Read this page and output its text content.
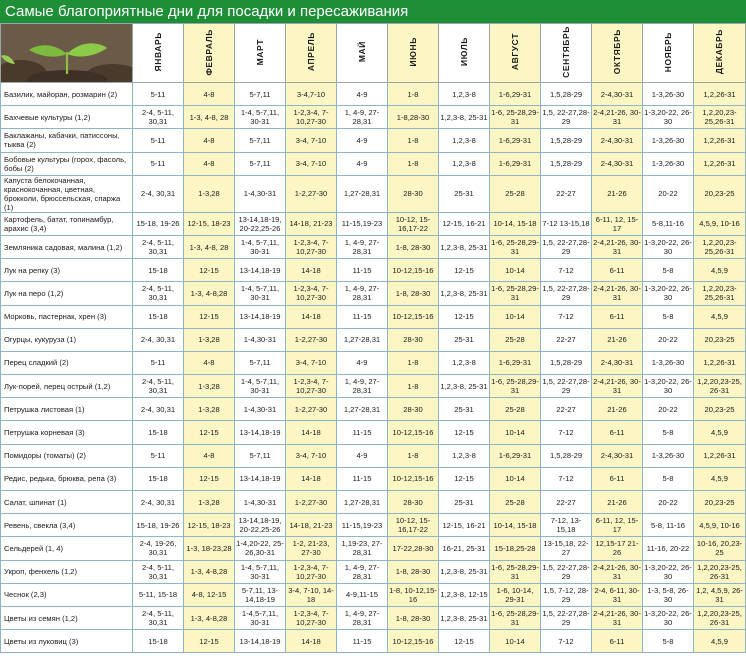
Самые благоприятные дни для посадки и пересаживания
	ЯНВАРЬ	ФЕВРАЛЬ	МАРТ	АПРЕЛЬ	МАЙ	ИЮНЬ	ИЮЛЬ	АВГУСТ	СЕНТЯБРЬ	ОКТЯБРЬ	НОЯБРЬ	ДЕКАБРЬ
Базилик, майоран, розмарин (2)	5-11	4-8	5-7,11	3-4,7-10	4-9	1-8	1,2,3-8	1-6,29-31	1,5,28-29	2-4,30-31	1-3,26-30	1,2,26-31
Бахчевые культуры (1,2)	2-4, 5-11, 30,31	1-3, 4-8, 28	1-4, 5-7,11, 30-31	1-2,3-4, 7-10,27-30	1, 4-9, 27-28,31	1-8,28-30	1,2,3-8, 25-31	1-6, 25-28,29-31	1,5, 22-27,28-29	2-4,21-26, 30-31	1-3,20-22, 26-30	1,2,20,23-25,26-31
Баклажаны, кабачки, патиссоны, тыква (2)	5-11	4-8	5-7,11	3-4, 7-10	4-9	1-8	1,2,3-8	1-6,29-31	1,5,28-29	2-4,30-31	1-3,26-30	1,2,26-31
Бобовые культуры (горох, фасоль, бобы (2)	5-11	4-8	5-7,11	3-4, 7-10	4-9	1-8	1,2,3-8	1-6,29-31	1,5,28-29	2-4,30-31	1-3,26-30	1,2,26-31
Капуста белокочанная, краснокочанная, цветная, брокколи, брюссельская, спаржа (1)	2-4, 30,31	1-3,28	1-4,30-31	1-2,27-30	1,27-28,31	28-30	25-31	25-28	22-27	21-26	20-22	20,23-25
Картофель, батат, топинамбур, арахис (3,4)	15-18, 19-26	12-15, 18-23	13-14,18-19, 20-22,25-26	14-18, 21-23	11-15,19-23	10-12, 15-16,17-22	12-15, 16-21	10-14, 15-18	7-12 13-15,18	6-11, 12, 15-17	5-8,11-16	4,5,9, 10-16
Земляника садовая, малина (1,2)	2-4, 5-11, 30,31	1-3, 4-8, 28	1-4, 5-7,11, 30-31	1-2,3-4, 7-10,27-30	1, 4-9, 27-28,31	1-8, 28-30	1,2,3-8, 25-31	1-6, 25-28,29-31	1,5, 22-27,28-29	2-4,21-26, 30-31	1-3,20-22, 26-30	1,2,20,23-25,26-31
Лук на репку (3)	15-18	12-15	13-14,18-19	14-18	11-15	10-12,15-16	12-15	10-14	7-12	6-11	5-8	4,5,9
Лук на перо (1,2)	2-4, 5-11, 30,31	1-3, 4-8,28	1-4, 5-7,11, 30-31	1-2,3-4, 7-10,27-30	1, 4-9, 27-28,31	1-8, 28-30	1,2,3-8, 25-31	1-6, 25-28,29-31	1,5, 22-27,28-29	2-4,21-26, 30-31	1-3,20-22, 26-30	1,2,20,23-25,26-31
Морковь, пастернак, хрен (3)	15-18	12-15	13-14,18-19	14-18	11-15	10-12,15-16	12-15	10-14	7-12	6-11	5-8	4,5,9
Огурцы, кукуруза (1)	2-4, 30,31	1-3,28	1-4,30-31	1-2,27-30	1,27-28,31	28-30	25-31	25-28	22-27	21-26	20-22	20,23-25
Перец сладкий (2)	5-11	4-8	5-7,11	3-4, 7-10	4-9	1-8	1,2,3-8	1-6,29-31	1,5,28-29	2-4,30-31	1-3,26-30	1,2,26-31
Лук-порей, перец острый (1,2)	2-4, 5-11, 30,31	1-3,28	1-4, 5-7,11, 30-31	1-2,3-4, 7-10,27-30	1, 4-9, 27-28,31	1-8	1,2,3-8, 25-31	1-6, 25-28,29-31	1,5, 22-27,28-29	2-4,21-26, 30-31	1-3,20-22, 26-30	1,2,20,23-25, 26-31
Петрушка листовая (1)	2-4, 30,31	1-3,28	1-4,30-31	1-2,27-30	1,27-28,31	28-30	25-31	25-28	22-27	21-26	20-22	20,23-25
Петрушка корневая (3)	15-18	12-15	13-14,18-19	14-18	11-15	10-12,15-16	12-15	10-14	7-12	6-11	5-8	4,5,9
Помидоры (томаты) (2)	5-11	4-8	5-7,11	3-4, 7-10	4-9	1-8	1,2,3-8	1-6,29-31	1,5,28-29	2-4,30-31	1-3,26-30	1,2,26-31
Редис, редька, брюква, репа (3)	15-18	12-15	13-14,18-19	14-18	11-15	10-12,15-16	12-15	10-14	7-12	6-11	5-8	4,5,9
Салат, шпинат (1)	2-4, 30,31	1-3,28	1-4,30-31	1-2,27-30	1,27-28,31	28-30	25-31	25-28	22-27	21-26	20-22	20,23-25
Ревень, свекла (3,4)	15-18, 19-26	12-15, 18-23	13-14,18-19, 20-22,25-26	14-18, 21-23	11-15,19-23	10-12, 15-16,17-22	12-15, 16-21	10-14, 15-18	7-12, 13-15,18	6-11, 12, 15-17	5-8, 11-16	4,5,9, 10-16
Сельдерей (1, 4)	2-4, 19-26, 30,31	1-3, 18-23,28	1-4,20-22, 25-26,30-31	1-2, 21-23, 27-30	1,19-23, 27-28,31	17-22,28-30	16-21, 25-31	15-18,25-28	13-15,18, 22-27	12,15-17 21-26	11-16, 20-22	10-16, 20,23-25
Укроп, фенхель (1,2)	2-4, 5-11, 30,31	1-3, 4-8,28	1-4, 5-7,11, 30-31	1-2,3-4, 7-10,27-30	1, 4-9, 27-28,31	1-8, 28-30	1,2,3-8, 25-31	1-6, 25-28,29-31	1,5, 22-27,28-29	2-4,21-26, 30-31	1-3,20-22, 26-30	1,2,20,23-25, 26-31
Чеснок (2,3)	5-11, 15-18	4-8, 12-15	5-7,11, 13-14,18-19	3-4, 7-10, 14-18	4-9,11-15	1-8, 10-12,15-16	1,2,3-8, 12-15	1-6, 10-14, 29-31	1,5, 7-12, 28-29	2-4, 6-11, 30-31	1-3, 5-8, 26-30	1,2, 4,5,9, 26-31
Цветы из семян (1,2)	2-4, 5-11, 30,31	1-3, 4-8,28	1-4,5-7,11, 30-31	1-2,3-4, 7-10,27-30	1, 4-9, 27-28,31	1-8, 28-30	1,2,3-8, 25-31	1-6, 25-28,29-31	1,5, 22-27,28-29	2-4,21-26, 30-31	1-3,20-22, 26-30	1,2,20,23-25, 26-31
Цветы из луковиц (3)	15-18	12-15	13-14,18-19	14-18	11-15	10-12,15-16	12-15	10-14	7-12	6-11	5-8	4,5,9
